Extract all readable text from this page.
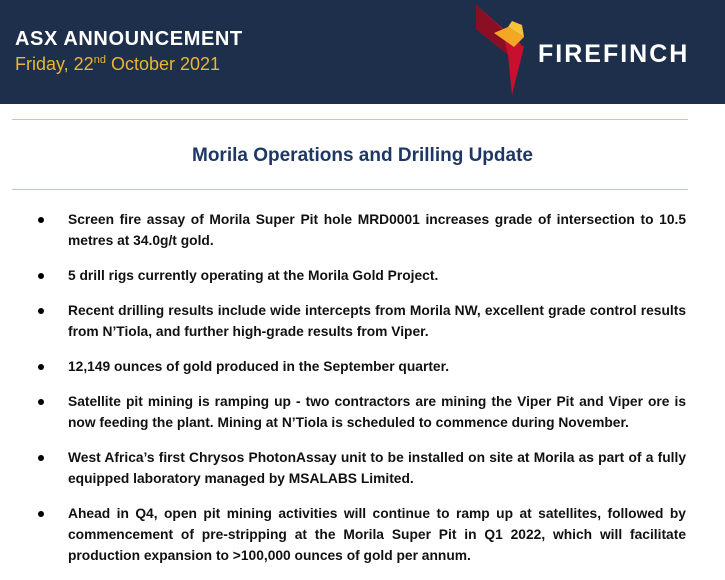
ASX ANNOUNCEMENT
Friday, 22nd October 2021	FIREFINCH
Morila Operations and Drilling Update
Screen fire assay of Morila Super Pit hole MRD0001 increases grade of intersection to 10.5 metres at 34.0g/t gold.
5 drill rigs currently operating at the Morila Gold Project.
Recent drilling results include wide intercepts from Morila NW, excellent grade control results from N’Tiola, and further high-grade results from Viper.
12,149 ounces of gold produced in the September quarter.
Satellite pit mining is ramping up - two contractors are mining the Viper Pit and Viper ore is now feeding the plant. Mining at N’Tiola is scheduled to commence during November.
West Africa’s first Chrysos PhotonAssay unit to be installed on site at Morila as part of a fully equipped laboratory managed by MSALABS Limited.
Ahead in Q4, open pit mining activities will continue to ramp up at satellites, followed by commencement of pre-stripping at the Morila Super Pit in Q1 2022, which will facilitate production expansion to >100,000 ounces of gold per annum.
